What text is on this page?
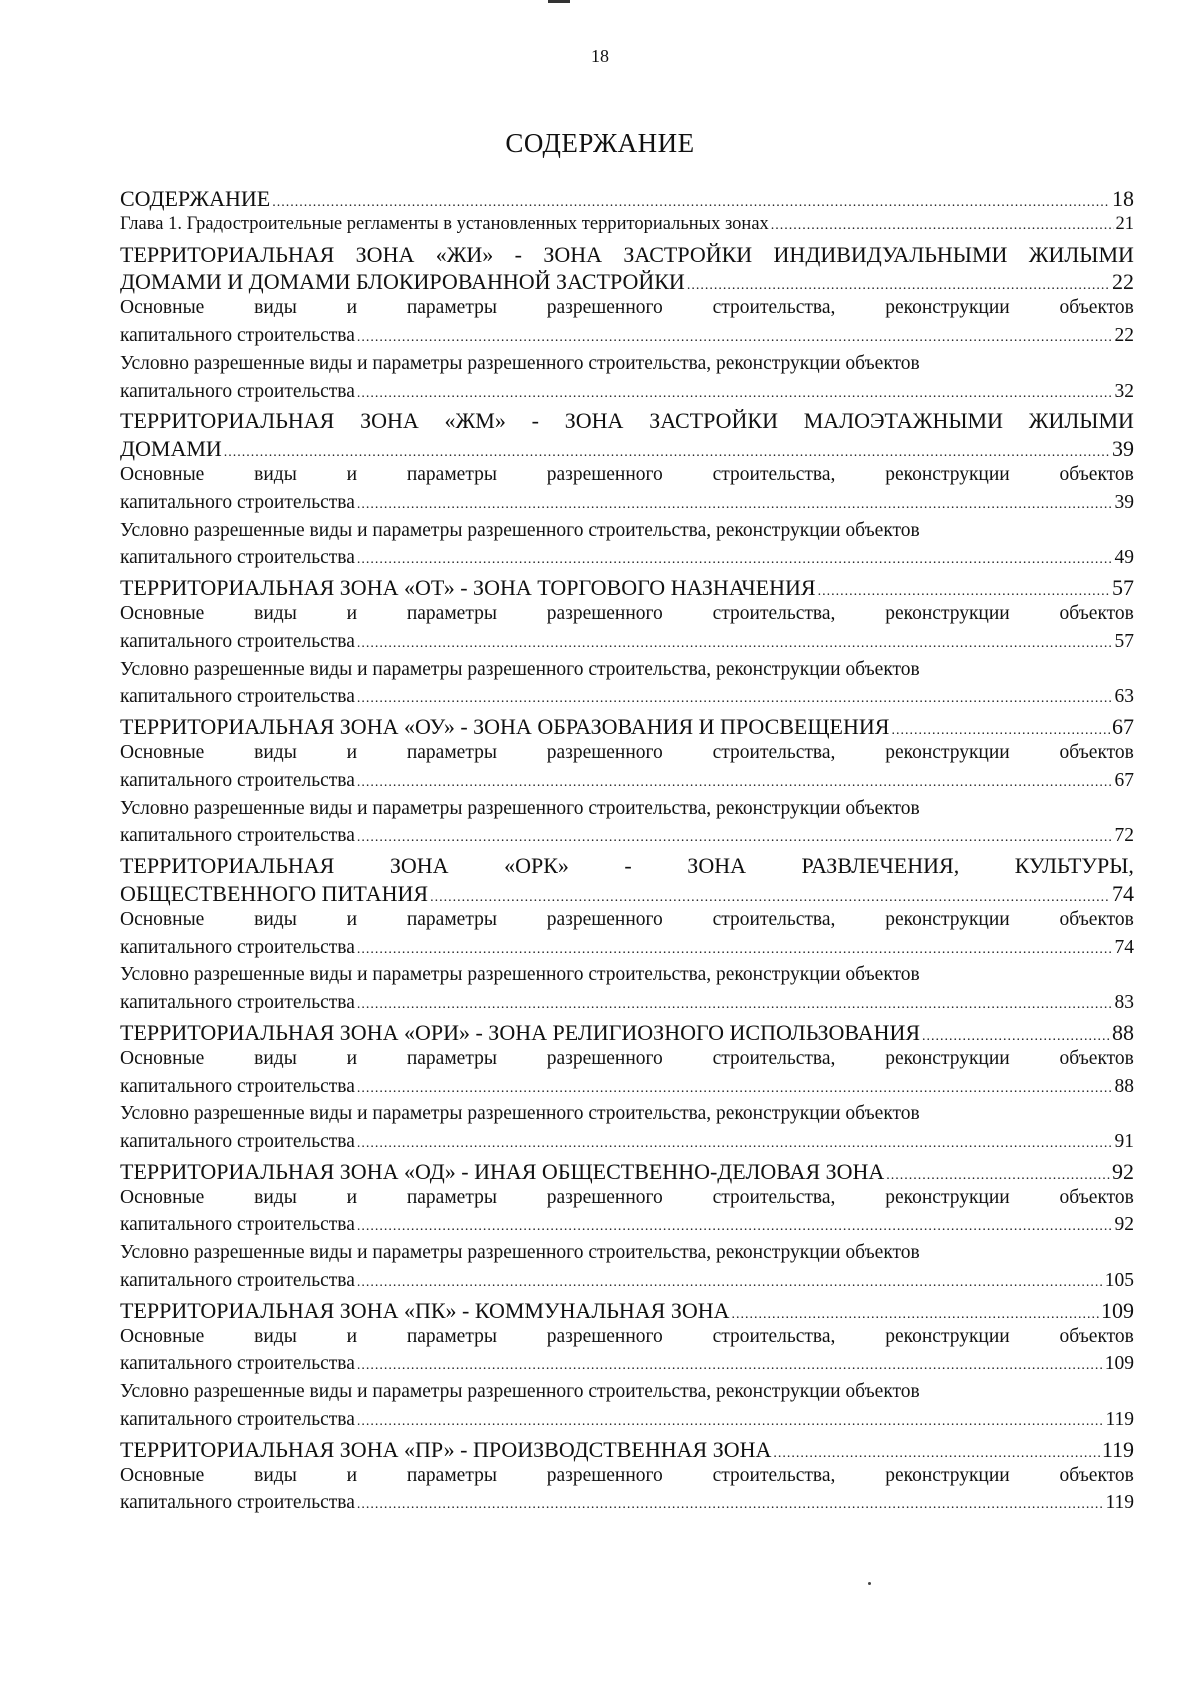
18
СОДЕРЖАНИЕ
СОДЕРЖАНИЕ .....	18
Глава 1. Градостроительные регламенты в установленных территориальных зонах .....	21
ТЕРРИТОРИАЛЬНАЯ ЗОНА «ЖИ» - ЗОНА ЗАСТРОЙКИ ИНДИВИДУАЛЬНЫМИ ЖИЛЫМИ
ДОМАМИ И ДОМАМИ БЛОКИРОВАННОЙ ЗАСТРОЙКИ .....	22
Основные	виды	и	параметры	разрешенного	строительства,	реконструкции	объектов
капитального строительства .....	22
Условно разрешенные виды и параметры разрешенного строительства, реконструкции объектов
капитального строительства .....	32
ТЕРРИТОРИАЛЬНАЯ ЗОНА «ЖМ» - ЗОНА ЗАСТРОЙКИ МАЛОЭТАЖНЫМИ ЖИЛЫМИ
ДОМАМИ .....	39
Основные	виды	и	параметры	разрешенного	строительства,	реконструкции	объектов
капитального строительства .....	39
Условно разрешенные виды и параметры разрешенного строительства, реконструкции объектов
капитального строительства .....	49
ТЕРРИТОРИАЛЬНАЯ ЗОНА «ОТ» - ЗОНА ТОРГОВОГО НАЗНАЧЕНИЯ .....	57
Основные	виды	и	параметры	разрешенного	строительства,	реконструкции	объектов
капитального строительства .....	57
Условно разрешенные виды и параметры разрешенного строительства, реконструкции объектов
капитального строительства .....	63
ТЕРРИТОРИАЛЬНАЯ ЗОНА «ОУ» - ЗОНА ОБРАЗОВАНИЯ И ПРОСВЕЩЕНИЯ .....	67
Основные	виды	и	параметры	разрешенного	строительства,	реконструкции	объектов
капитального строительства .....	67
Условно разрешенные виды и параметры разрешенного строительства, реконструкции объектов
капитального строительства .....	72
ТЕРРИТОРИАЛЬНАЯ	ЗОНА	«ОРК»	-	ЗОНА	РАЗВЛЕЧЕНИЯ,	КУЛЬТУРЫ,
ОБЩЕСТВЕННОГО ПИТАНИЯ .....	74
Основные	виды	и	параметры	разрешенного	строительства,	реконструкции	объектов
капитального строительства .....	74
Условно разрешенные виды и параметры разрешенного строительства, реконструкции объектов
капитального строительства .....	83
ТЕРРИТОРИАЛЬНАЯ ЗОНА «ОРИ» - ЗОНА РЕЛИГИОЗНОГО ИСПОЛЬЗОВАНИЯ .....	88
Основные	виды	и	параметры	разрешенного	строительства,	реконструкции	объектов
капитального строительства .....	88
Условно разрешенные виды и параметры разрешенного строительства, реконструкции объектов
капитального строительства .....	91
ТЕРРИТОРИАЛЬНАЯ ЗОНА «ОД» - ИНАЯ ОБЩЕСТВЕННО-ДЕЛОВАЯ ЗОНА .....	92
Основные	виды	и	параметры	разрешенного	строительства,	реконструкции	объектов
капитального строительства .....	92
Условно разрешенные виды и параметры разрешенного строительства, реконструкции объектов
капитального строительства .....	105
ТЕРРИТОРИАЛЬНАЯ ЗОНА «ПК» - КОММУНАЛЬНАЯ ЗОНА .....	109
Основные	виды	и	параметры	разрешенного	строительства,	реконструкции	объектов
капитального строительства .....	109
Условно разрешенные виды и параметры разрешенного строительства, реконструкции объектов
капитального строительства .....	119
ТЕРРИТОРИАЛЬНАЯ ЗОНА «ПР» - ПРОИЗВОДСТВЕННАЯ ЗОНА .....	119
Основные	виды	и	параметры	разрешенного	строительства,	реконструкции	объектов
капитального строительства .....	119
